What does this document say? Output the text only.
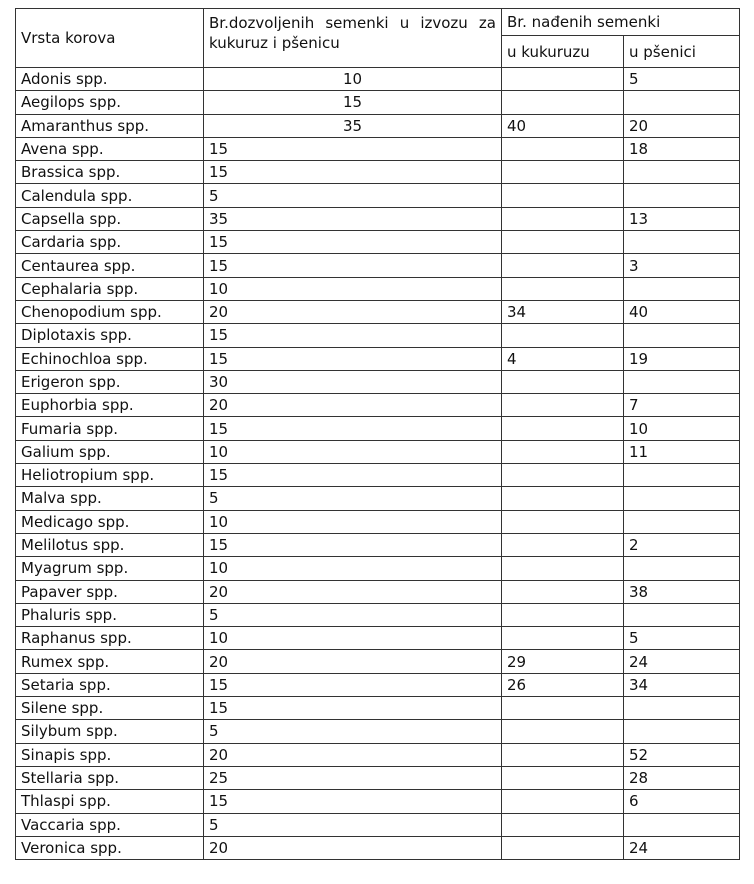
Vrsta korova	Br.dozvoljenih semenki u izvozu za kukuruz i pšenicu	Br. nađenih semenki	
		u kukuruzu	u pšenici
Adonis spp.	10		5
Aegilops spp.	15		
Amaranthus spp.	35	40	20
Avena spp.	15		18
Brassica spp.	15		
Calendula spp.	5		
Capsella spp.	35		13
Cardaria spp.	15		
Centaurea spp.	15		3
Cephalaria spp.	10		
Chenopodium spp.	20	34	40
Diplotaxis spp.	15		
Echinochloa spp.	15	4	19
Erigeron spp.	30		
Euphorbia spp.	20		7
Fumaria spp.	15		10
Galium spp.	10		11
Heliotropium spp.	15		
Malva spp.	5		
Medicago spp.	10		
Melilotus spp.	15		2
Myagrum spp.	10		
Papaver spp.	20		38
Phaluris spp.	5		
Raphanus spp.	10		5
Rumex spp.	20	29	24
Setaria spp.	15	26	34
Silene spp.	15		
Silybum spp.	5		
Sinapis spp.	20		52
Stellaria spp.	25		28
Thlaspi spp.	15		6
Vaccaria spp.	5		
Veronica spp.	20		24
